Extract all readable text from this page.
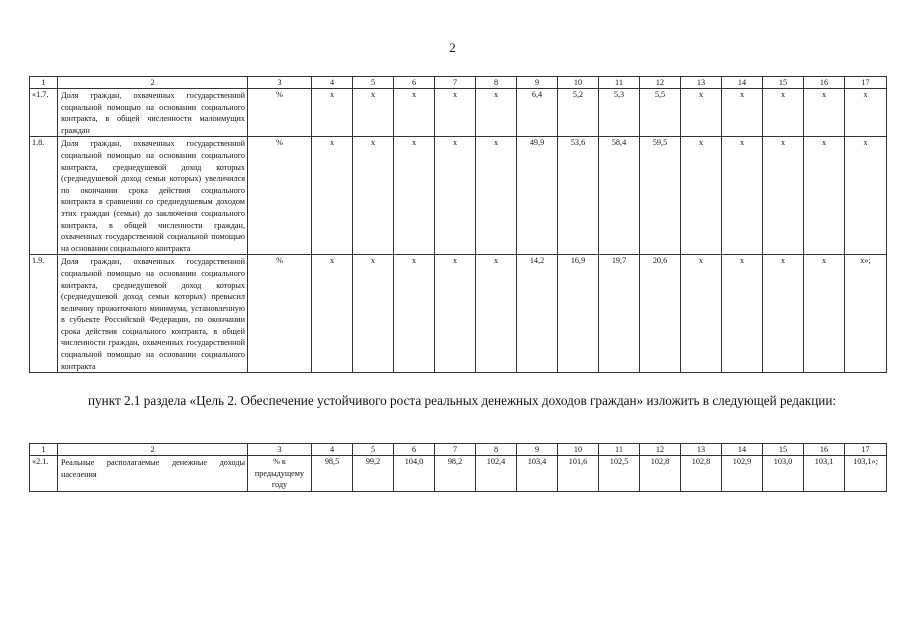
2
1	2	3	4	5	6	7	8	9	10	11	12	13	14	15	16	17
«1.7.	Доля граждан, охваченных государственной социальной помощью на основании социального контракта, в общей численности малоимущих граждан	%	х	х	х	х	х	6,4	5,2	5,3	5,5	х	х	х	х	х
1.8.	Доля граждан, охваченных государственной социальной помощью на основании социального контракта, среднедушевой доход которых (среднедушевой доход семьи которых) увеличился по окончании срока действия социального контракта в сравнении со среднедушевым доходом этих граждан (семьи) до заключения социального контракта, в общей численности граждан, охваченных государственной социальной помощью на основании социального контракта	%	х	х	х	х	х	49,9	53,6	58,4	59,5	х	х	х	х	х
1.9.	Доля граждан, охваченных государственной социальной помощью на основании социального контракта, среднедушевой доход которых (среднедушевой доход семьи которых) превысил величину прожиточного минимума, установленную в субъекте Российской Федерации, по окончании срока действия социального контракта, в общей численности граждан, охваченных государственной социальной помощью на основании социального контракта	%	х	х	х	х	х	14,2	16,9	19,7	20,6	х	х	х	х	х»;
пункт 2.1 раздела «Цель 2. Обеспечение устойчивого роста реальных денежных доходов граждан» изложить в следующей редакции:
1	2	3	4	5	6	7	8	9	10	11	12	13	14	15	16	17
«2.1.	Реальные располагаемые денежные доходы населения	% к предыдущему году	98,5	99,2	104,0	98,2	102,4	103,4	101,6	102,5	102,8	102,8	102,9	103,0	103,1	103,1»;
